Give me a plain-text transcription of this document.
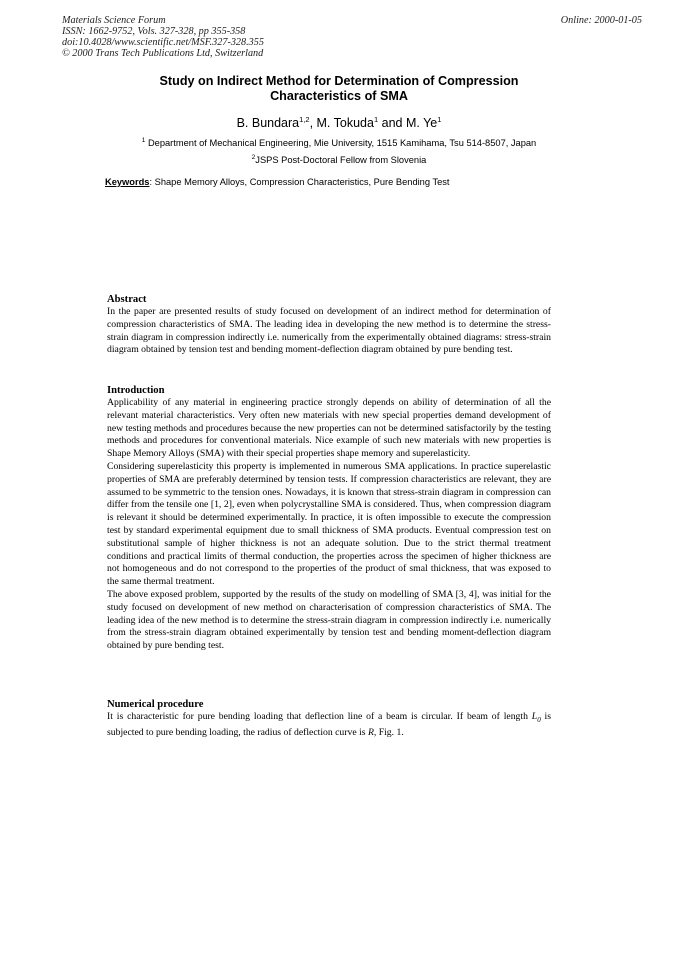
Materials Science Forum
ISSN: 1662-9752, Vols. 327-328, pp 355-358
doi:10.4028/www.scientific.net/MSF.327-328.355
© 2000 Trans Tech Publications Ltd, Switzerland
Online: 2000-01-05
Study on Indirect Method for Determination of Compression
Characteristics of SMA
B. Bundara$^{1,2}$, M. Tokuda$^1$ and M. Ye$^1$
$^1$ Department of Mechanical Engineering, Mie University, 1515 Kamihama, Tsu 514-8507, Japan
$^2$JSPS Post-Doctoral Fellow from Slovenia
Keywords: Shape Memory Alloys, Compression Characteristics, Pure Bending Test
Abstract

In the paper are presented results of study focused on development of an indirect method for determination of compression characteristics of SMA. The leading idea in developing the new method is to determine the stress-strain diagram in compression indirectly i.e. numerically from the experimentally obtained diagrams: stress-strain diagram obtained by tension test and bending moment-deflection diagram obtained by pure bending test.

Introduction

Applicability of any material in engineering practice strongly depends on ability of determination of all the relevant material characteristics. Very often new materials with new special properties demand development of new testing methods and procedures because the new properties can not be determined satisfactorily by the testing methods and procedures for conventional materials. Nice example of such new materials with new properties is Shape Memory Alloys (SMA) with their special properties shape memory and superelasticity.

Considering superelasticity this property is implemented in numerous SMA applications. In practice superelastic properties of SMA are preferably determined by tension tests. If compression characteristics are relevant, they are assumed to be symmetric to the tension ones. Nowadays, it is known that stress-strain diagram in compression can differ from the tensile one [1, 2], even when polycrystalline SMA is considered. Thus, when compression diagram is relevant it should be determined experimentally. In practice, it is often impossible to execute the compression test by standard experimental equipment due to small thickness of SMA products. Eventual compression test on substitutional sample of higher thickness is not an adequate solution. Due to the strict thermal treatment conditions and practical limits of thermal conduction, the properties across the specimen of higher thickness are not homogeneous and do not correspond to the properties of the product of smal thickness, that was exposed to the same thermal treatment.

The above exposed problem, supported by the results of the study on modelling of SMA [3, 4], was initial for the study focused on development of new method on characterisation of compression characteristics of SMA. The leading idea of the new method is to determine the stress-strain diagram in compression indirectly i.e. numerically from the stress-strain diagram obtained experimentally by tension test and bending moment-deflection diagram obtained by pure bending test.

Numerical procedure

It is characteristic for pure bending loading that deflection line of a beam is circular. If beam of length $L_0$ is subjected to pure bending loading, the radius of deflection curve is R, Fig. 1.
